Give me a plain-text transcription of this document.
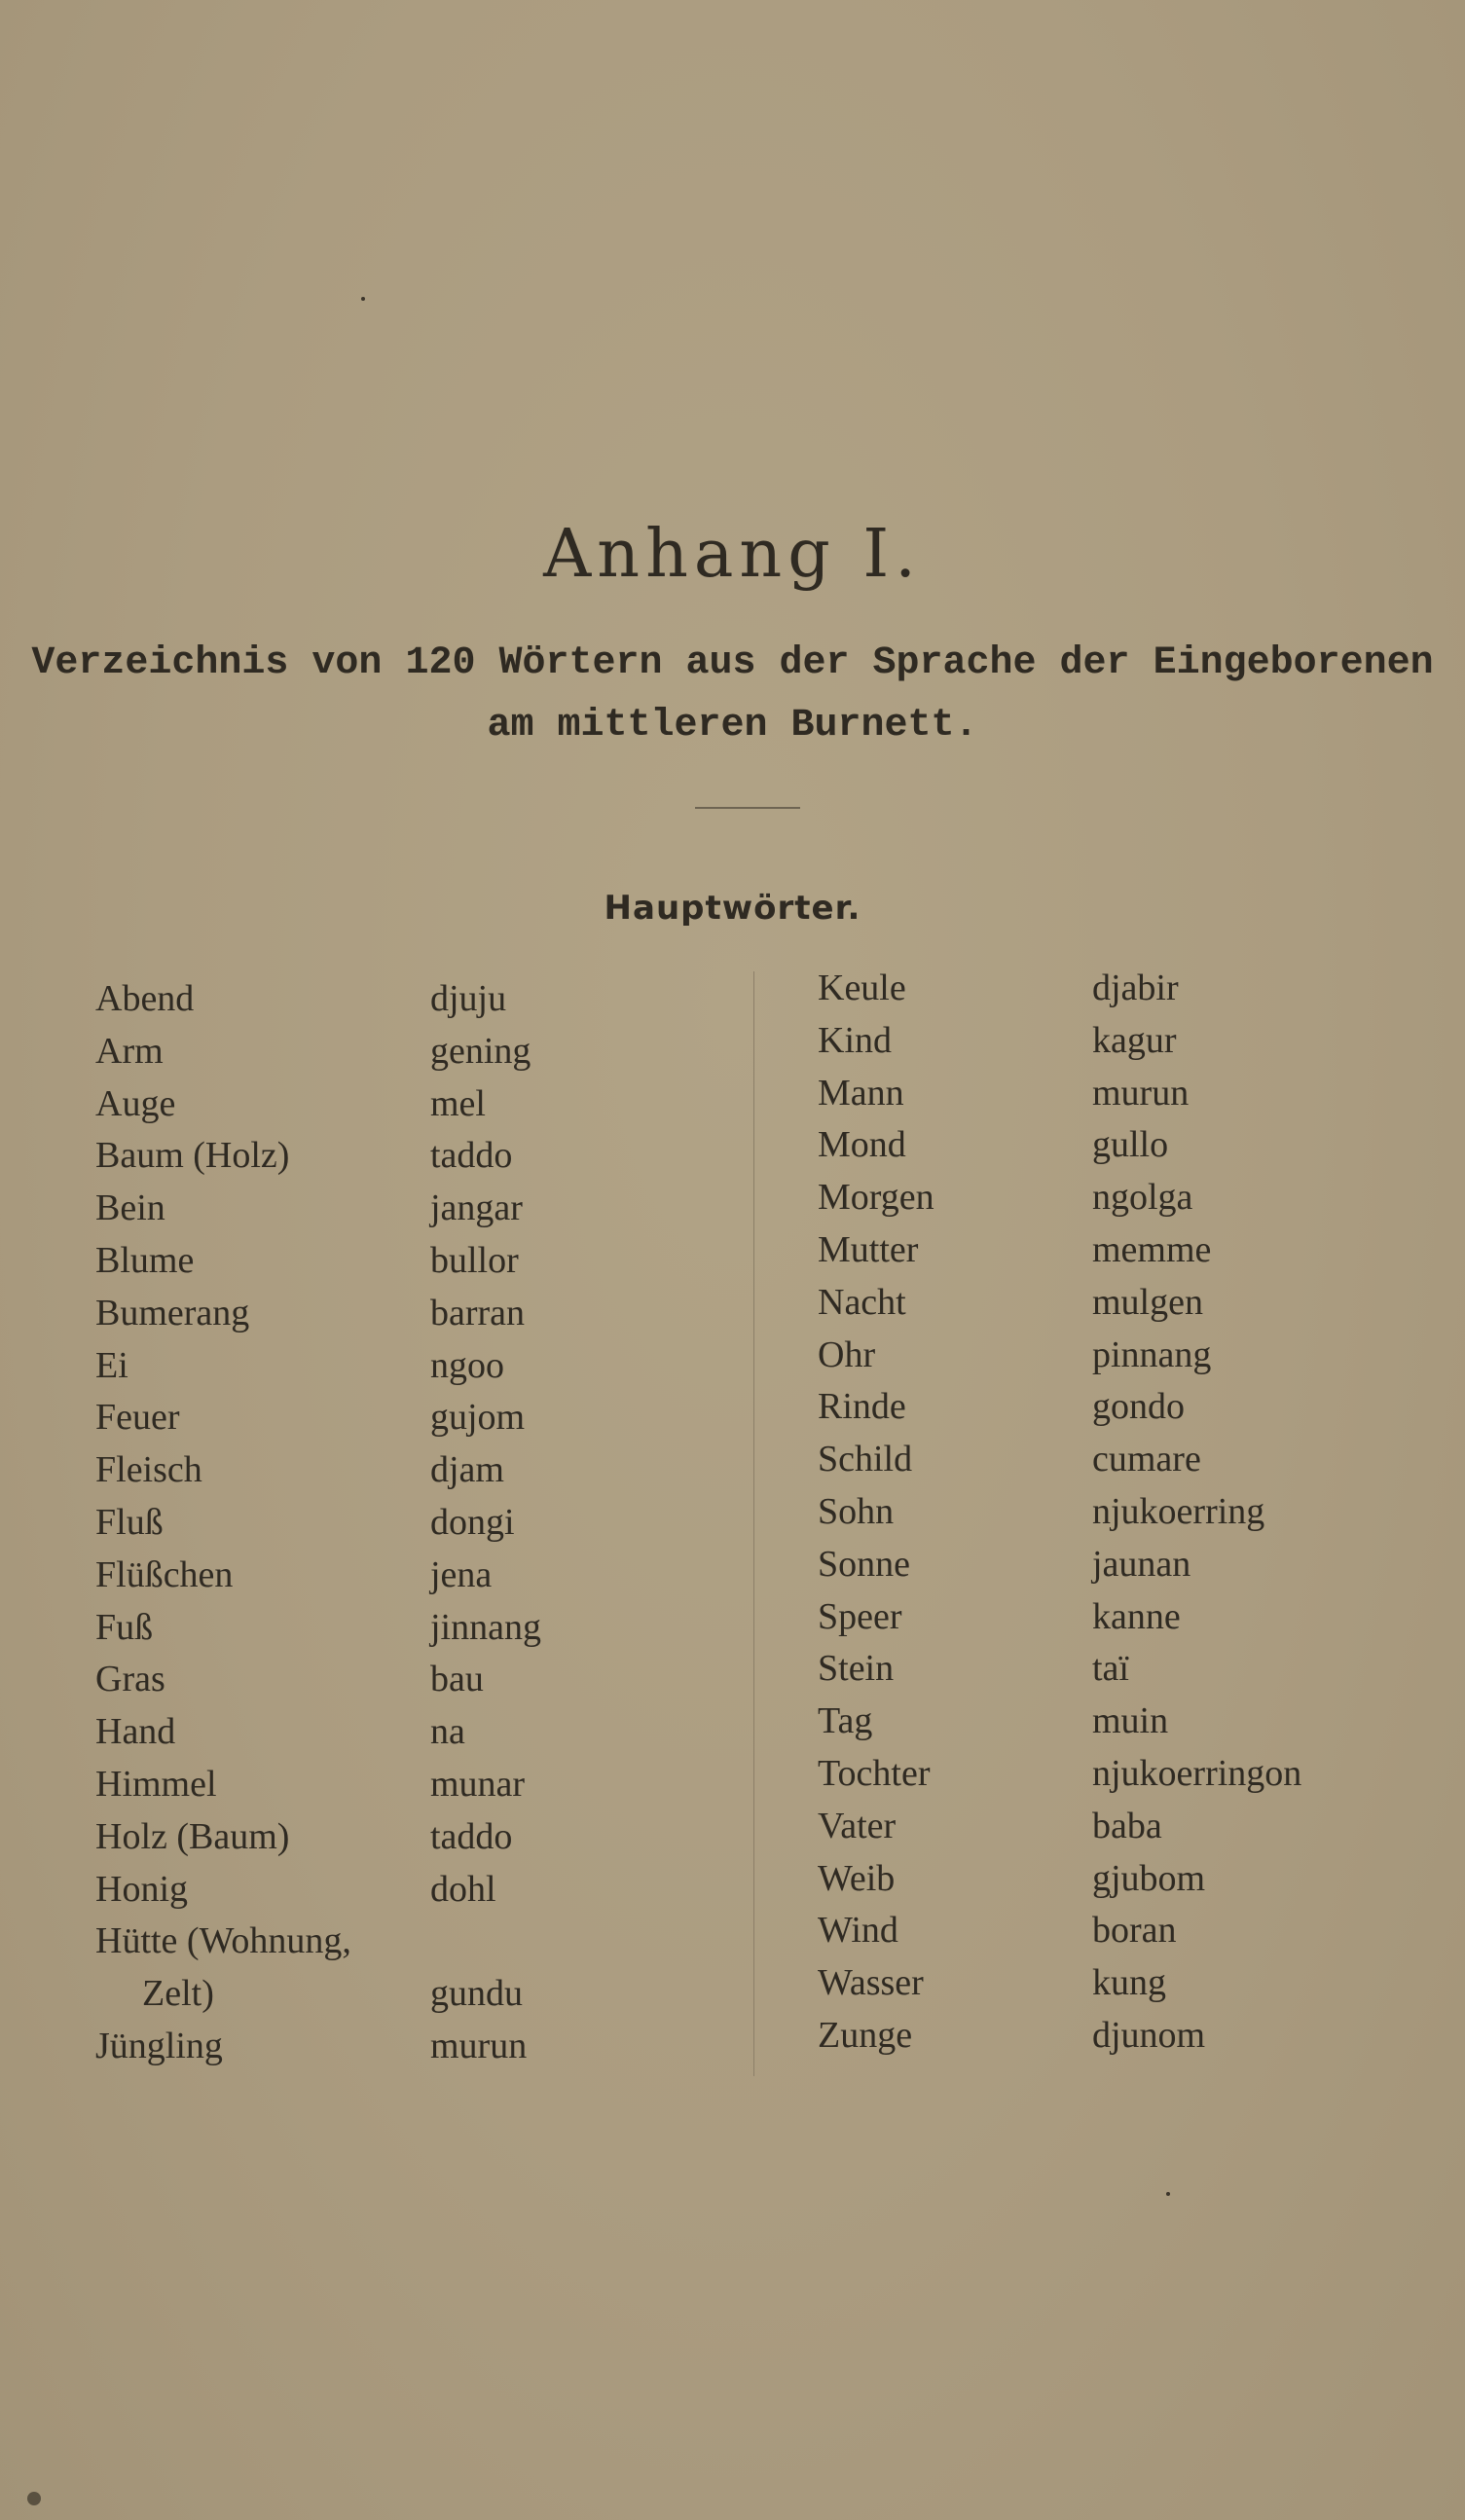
Anhang I.
Verzeichnis von 120 Wörtern aus der Sprache der Eingeborenen
am mittleren Burnett.
Hauptwörter.
Abend
Arm
Auge
Baum (Holz)
Bein
Blume
Bumerang
Ei
Feuer
Fleisch
Fluß
Flüßchen
Fuß
Gras
Hand
Himmel
Holz (Baum)
Honig
Hütte (Wohnung,
Zelt)
Jüngling
djuju
gening
mel
taddo
jangar
bullor
barran
ngoo
gujom
djam
dongi
jena
jinnang
bau
na
munar
taddo
dohl
gundu
murun
Keule
Kind
Mann
Mond
Morgen
Mutter
Nacht
Ohr
Rinde
Schild
Sohn
Sonne
Speer
Stein
Tag
Tochter
Vater
Weib
Wind
Wasser
Zunge
djabir
kagur
murun
gullo
ngolga
memme
mulgen
pinnang
gondo
cumare
njukoerring
jaunan
kanne
taï
muin
njukoerringon
baba
gjubom
boran
kung
djunom
